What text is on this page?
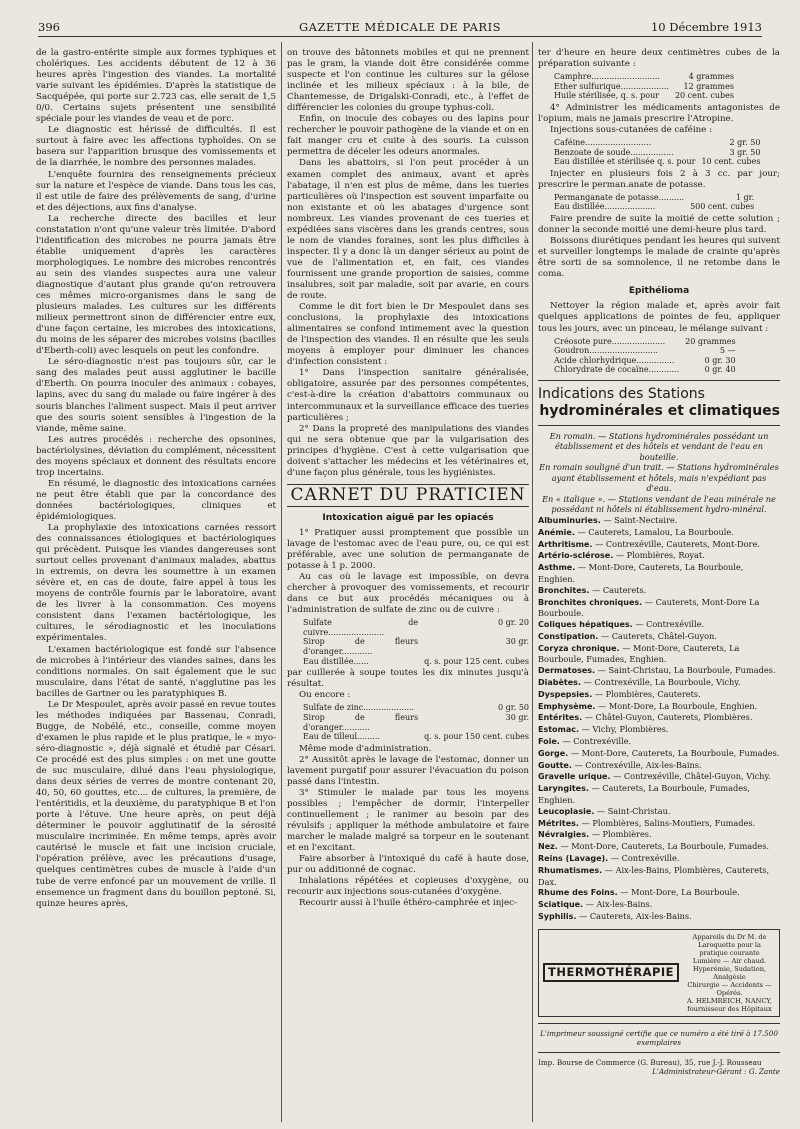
396	GAZETTE MÉDICALE DE PARIS	10 Décembre 1913

de la gastro-entérite simple aux formes typhiques et cholériques. Les accidents débutent de 12 à 36 heures après l'ingestion des viandes. La mortalité varie suivant les épidémies. D'après la statistique de Sacquépée, qui porte sur 2.723 cas, elle serait de 1,5 0/0. Certains sujets présentent une sensibilité spéciale pour les viandes de veau et de porc.

Le diagnostic est hérissé de difficultés. Il est surtout à faire avec les affections typhoïdes. On se basera sur l'apparition brusque des vomissements et de la diarrhée, le nombre des personnes malades.

L'enquête fournira des renseignements précieux sur la nature et l'espèce de viande. Dans tous les cas, il est utile de faire des prélèvements de sang, d'urine et des déjections, aux fins d'analyse.

La recherche directe des bacilles et leur constatation n'ont qu'une valeur très limitée. D'abord l'identification des microbes ne pourra jamais être établie uniquement d'après les caractères morphologiques. Le nombre des microbes rencontrés au sein des viandes suspectes aura une valeur diagnostique d'autant plus grande qu'on retrouvera ces mêmes micro-organismes dans le sang de plusieurs malades. Les cultures sur les différents milieux permettront sinon de différencier entre eux, d'une façon certaine, les microbes des intoxications, du moins de les séparer des microbes voisins (bacilles d'Eberth-coli) avec lesquels on peut les confondre.

Le séro-diagnostic n'est pas toujours sûr, car le sang des malades peut aussi agglutiner le bacille d'Eberth. On pourra inoculer des animaux : cobayes, lapins, avec du sang du malade ou faire ingérer à des souris blanches l'aliment suspect. Mais il peut arriver que des souris soient sensibles à l'ingestion de la viande, même saine.

Les autres procédés : recherche des opsonines, bactériolysines, déviation du complément, nécessitent des moyens spéciaux et donnent des résultats encore trop incertains.

En résumé, le diagnostic des intoxications carnées ne peut être établi que par la concordance des données bactériologiques, cliniques et épidémiologiques.

La prophylaxie des intoxications carnées ressort des connaissances étiologiques et bactériologiques qui précèdent. Puisque les viandes dangereuses sont surtout celles provenant d'animaux malades, abattus in extremis, on devra les soumettre à un examen sévère et, en cas de doute, faire appel à tous les moyens de contrôle fournis par le laboratoire, avant de les livrer à la consommation. Ces moyens consistent dans l'examen bactériologique, les cultures, le sérodiagnostic et les inoculations expérimentales.

L'examen bactériologique est fondé sur l'absence de microbes à l'intérieur des viandes saines, dans les conditions normales. On sait également que le suc musculaire, dans l'état de santé, n'agglutine pas les bacilles de Gartner ou les paratyphiques B.

Le Dr Mespoulet, après avoir passé en revue toutes les méthodes indiquées par Bassenau, Conradi, Bugge, de Nobélé, etc., conseille, comme moyen d'examen le plus rapide et le plus pratique, le « myo-séro-diagnostic », déjà signalé et étudié par Césari. Ce procédé est des plus simples : on met une goutte de suc musculaire, dilué dans l'eau physiologique, dans deux séries de verres de montre contenant 20, 40, 50, 60 gouttes, etc.... de cultures, la première, de l'entéritidis, et la deuxième, du paratyphique B et l'on porte à l'étuve. Une heure après, on peut déjà déterminer le pouvoir agglutinatif de la sérosité musculaire incriminée. En même temps, après avoir cautérisé le muscle et fait une incision cruciale, l'opération prélève, avec les précautions d'usage, quelques centimètres cubes de muscle à l'aide d'un tube de verre enfoncé par un mouvement de vrille. Il ensemence un fragment dans du bouillon peptoné. Si, quinze heures après,

on trouve des bâtonnets mobiles et qui ne prennent pas le gram, la viande doit être considérée comme suspecte et l'on continue les cultures sur la gélose inclinée et les milieux spéciaux : à la bile, de Chantemesse, de Drigalski-Conradi, etc., à l'effet de différencier les colonies du groupe typhus-coli.

Enfin, on inocule des cobayes ou des lapins pour rechercher le pouvoir pathogène de la viande et on en fait manger cru et cuite à des souris. La cuisson permettra de déceler les odeurs anormales.

Dans les abattoirs, si l'on peut procéder à un examen complet des animaux, avant et après l'abatage, il n'en est plus de même, dans les tueries particulières où l'inspection est souvent imparfaite ou non existante et où les abatages d'urgence sont nombreux. Les viandes provenant de ces tueries et expédiées sans viscères dans les grands centres, sous le nom de viandes foraines, sont les plus difficiles à inspecter. Il y a donc là un danger sérieux au point de vue de l'alimentation et, en fait, ces viandes fournissent une grande proportion de saisies, comme insalubres, soit par maladie, soit par avarie, en cours de route.

Comme le dit fort bien le Dr Mespoulet dans ses conclusions, la prophylaxie des intoxications alimentaires se confond intimement avec la question de l'inspection des viandes. Il en résulte que les seuls moyens à employer pour diminuer les chances d'infection consistent :

1° Dans l'inspection sanitaire généralisée, obligatoire, assurée par des personnes compétentes, c'est-à-dire la création d'abattoirs communaux ou intercommunaux et la surveillance efficace des tueries particulières ;

2° Dans la propreté des manipulations des viandes qui ne sera obtenue que par la vulgarisation des principes d'hygiène. C'est à cette vulgarisation que doivent s'attacher les médecins et les vétérinaires et, d'une façon plus générale, tous les hygiénistes.

CARNET DU PRATICIEN
Intoxication aiguë par les opiacés

1° Pratiquer aussi promptement que possible un lavage de l'estomac avec de l'eau pure, ou, ce qui est préférable, avec une solution de permanganate de potasse à 1 p. 2000.

Au cas où le lavage est impossible, on devra chercher à provoquer des vomissements, et recourir dans ce but aux procédés mécaniques ou à l'administration de sulfate de zinc ou de cuivre :

Sulfate de cuivre......................	0 gr. 20
Sirop de fleurs d'oranger............	30 gr.
Eau distillée......	q. s. pour 125 cent. cubes

par cuillerée à soupe toutes les dix minutes jusqu'à résultat.

Ou encore :

Sulfate de zinc....................	0 gr. 50
Sirop de fleurs d'oranger...........	30 gr.
Eau de tilleul.........	q. s. pour 150 cent. cubes

Même mode d'administration.

2° Aussitôt après le lavage de l'estomac, donner un lavement purgatif pour assurer l'évacuation du poison passé dans l'intestin.

3° Stimuler le malade par tous les moyens possibles ; l'empêcher de dormir, l'interpeller continuellement ; le ranimer au besoin par des révulsifs ; appliquer la méthode ambulatoire et faire marcher le malade malgré sa torpeur en le soutenant et en l'excitant.

Faire absorber à l'intoxiqué du café à haute dose, pur ou additionné de cognac.

Inhalations répétées et copieuses d'oxygène, ou recourir aux injections sous-cutanées d'oxygène.

Recourir aussi à l'huile éthéro-camphrée et injec-

ter d'heure en heure deux centimètres cubes de la préparation suivante :

Camphre...........................	4 grammes
Ether sulfurique...................	12 grammes
Huile stérilisée, q. s. pour	20 cent. cubes

4° Administrer les médicaments antagonistes de l'opium, mais ne jamais prescrire l'Atropine.

Injections sous-cutanées de caféine :

Caféine..........................	2 gr. 50
Benzoate de soude.................	3 gr. 50
Eau distillée et stérilisée q. s. pour	10 cent. cubes

Injecter en plusieurs fois 2 à 3 cc. par jour; prescrire le perman.anate de potasse.

Permanganate de potasse..........	1 gr.
Eau distillée....................	500 cent. cubes

Faire prendre de suite la moitié de cette solution ; donner la seconde moitié une demi-heure plus tard.

Boissons diurétiques pendant les heures qui suivent et surveiller longtemps le malade de crainte qu'après être sorti de sa somnolence, il ne retombe dans le coma.

Epithélioma

Nettoyer la région malade et, après avoir fait quelques applications de pointes de feu, appliquer tous les jours, avec un pinceau, le mélange suivant :

Créosote pure.....................	20 grammes
Goudron...........................	5 —
Acide chlorhydrique...............	0 gr. 30
Chlorydrate de cocaïne............	0 gr. 40
Indications des Stations
hydrominérales et climatiques
En romain. — Stations hydrominérales possédant un établissement et des hôtels et vendant de l'eau en bouteille.
En romain souligné d'un trait. — Stations hydrominérales ayant établissement et hôtels, mais n'expédiant pas d'eau.
En « italique ». — Stations vendant de l'eau minérale ne possédant ni hôtels ni établissement hydro-minéral.
Albuminuries. — Saint-Nectaire.
Anémie. — Cauterets, Lamalou, La Bourboule.
Arthritisme. — Contrexéville, Cauterets, Mont-Dore.
Artério-sclérose. — Plombières, Royat.
Asthme. — Mont-Dore, Cauterets, La Bourboule, Enghien.
Bronchites. — Cauterets.
Bronchites chroniques. — Cauterets, Mont-Dore La Bourboule.
Coliques hépatiques. — Contrexéville.
Constipation. — Cauterets, Châtel-Guyon.
Coryza chronique. — Mont-Dore, Cauterets, La Bourboule, Fumades, Enghien.
Dermatoses. — Saint-Christau, La Bourboule, Fumades.
Diabètes. — Contrexéville, La Bourboule, Vichy.
Dyspepsies. — Plombières, Cauterets.
Emphysème. — Mont-Dore, La Bourboule, Enghien.
Entérites. — Châtel-Guyon, Cauterets, Plombières.
Estomac. — Vichy, Plombières.
Foie. — Contrexéville.
Gorge. — Mont-Dore, Cauterets, La Bourboule, Fumades.
Goutte. — Contrexéville, Aix-les-Bains.
Gravelle urique. — Contrexéville, Châtel-Guyon, Vichy.
Laryngites. — Cauterets, La Bourboule, Fumades, Enghien.
Leucoplasie. — Saint-Christau.
Métrites. — Plombières, Salins-Moutiers, Fumades.
Névralgies. — Plombières.
Nez. — Mont-Dore, Cauterets, La Bourboule, Fumades.
Reins (Lavage). — Contrexéville.
Rhumatismes. — Aix-les-Bains, Plombières, Cauterets, Dax.
Rhume des Foins. — Mont-Dore, La Bourboule.
Sciatique. — Aix-les-Bains.
Syphilis. — Cauterets, Aix-les-Bains.
THERMOTHÉRAPIE
Appareils du Dr M. de Laroquette pour la pratique courante
Lumière — Air chaud. Hyperémie, Sudation, Analgésie
Chirurgie — Accidents — Opérés.
A. HELMREICH, NANCY, fournisseur des Hôpitaux
L'imprimeur soussigné certifie que ce numéro a été tiré à 17.500 exemplaires
Imp. Bourse de Commerce (G. Bureau), 35, rue J.-J. Rousseau
L'Administrateur-Gérant : G. Zante
